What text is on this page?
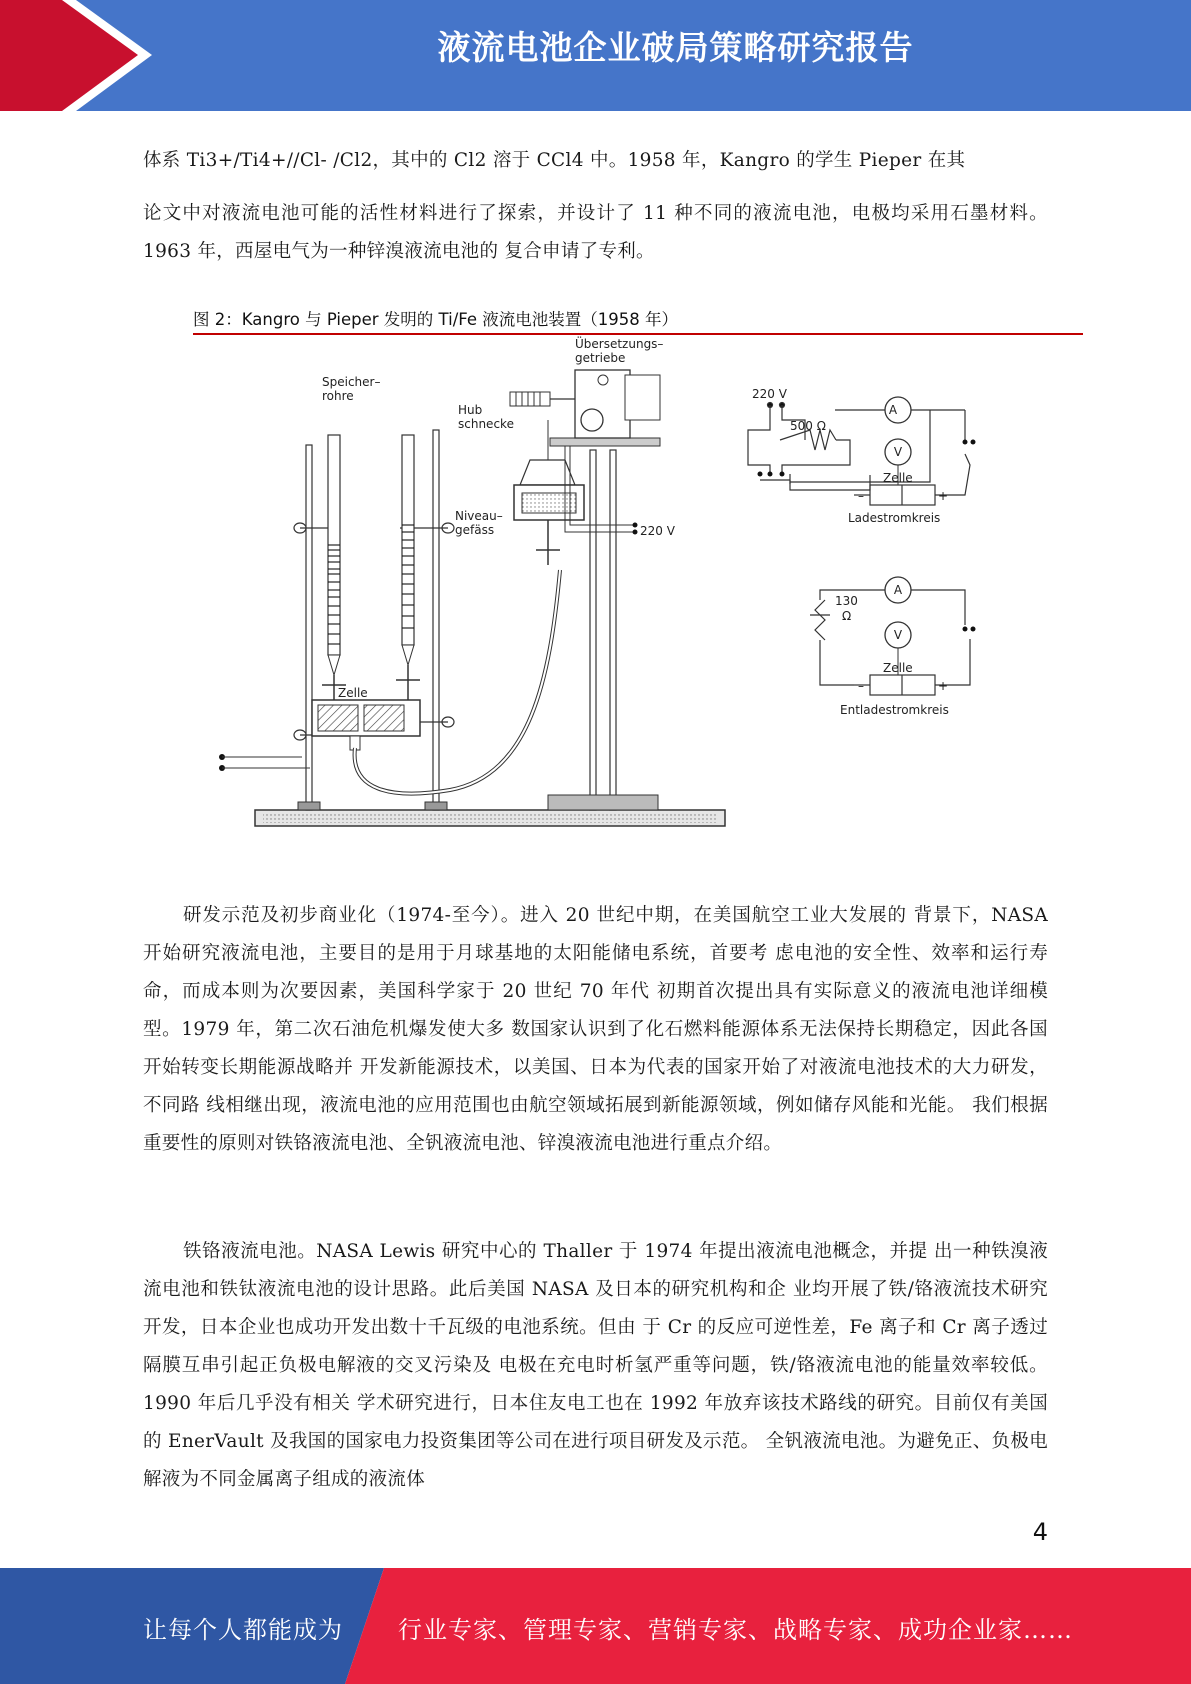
液流电池企业破局策略研究报告
体系 Ti3+/Ti4+//Cl- /Cl2，其中的 Cl2 溶于 CCl4 中。1958 年，Kangro 的学生 Pieper 在其
论文中对液流电池可能的活性材料进行了探索，并设计了 11 种不同的液流电池，电极均采用石墨材料。1963 年，西屋电气为一种锌溴液流电池的 复合申请了专利。
图 2：Kangro 与 Pieper 发明的 Ti/Fe 液流电池装置（1958 年）
Speicher–
rohre
Übersetzungs–
getriebe
Hub
schnecke
Niveau–
gefäss	220 V
Zelle
220 V
500 Ω
A
V
Zelle
–	+
Ladestromkreis
130
Ω
A
V
Zelle
–	+
Entladestromkreis
研发示范及初步商业化（1974-至今）。进入 20 世纪中期，在美国航空工业大发展的 背景下，NASA 开始研究液流电池，主要目的是用于月球基地的太阳能储电系统，首要考 虑电池的安全性、效率和运行寿命，而成本则为次要因素，美国科学家于 20 世纪 70 年代 初期首次提出具有实际意义的液流电池详细模型。1979 年，第二次石油危机爆发使大多 数国家认识到了化石燃料能源体系无法保持长期稳定，因此各国开始转变长期能源战略并 开发新能源技术，以美国、日本为代表的国家开始了对液流电池技术的大力研发，不同路 线相继出现，液流电池的应用范围也由航空领域拓展到新能源领域，例如储存风能和光能。 我们根据重要性的原则对铁铬液流电池、全钒液流电池、锌溴液流电池进行重点介绍。
铁铬液流电池。NASA Lewis 研究中心的 Thaller 于 1974 年提出液流电池概念，并提 出一种铁溴液流电池和铁钛液流电池的设计思路。此后美国 NASA 及日本的研究机构和企 业均开展了铁/铬液流技术研究开发，日本企业也成功开发出数十千瓦级的电池系统。但由 于 Cr 的反应可逆性差，Fe 离子和 Cr 离子透过隔膜互串引起正负极电解液的交叉污染及 电极在充电时析氢严重等问题，铁/铬液流电池的能量效率较低。1990 年后几乎没有相关 学术研究进行，日本住友电工也在 1992 年放弃该技术路线的研究。目前仅有美国的 EnerVault 及我国的国家电力投资集团等公司在进行项目研发及示范。 全钒液流电池。为避免正、负极电解液为不同金属离子组成的液流体
4
让每个人都能成为 行业专家、管理专家、营销专家、战略专家、成功企业家……
